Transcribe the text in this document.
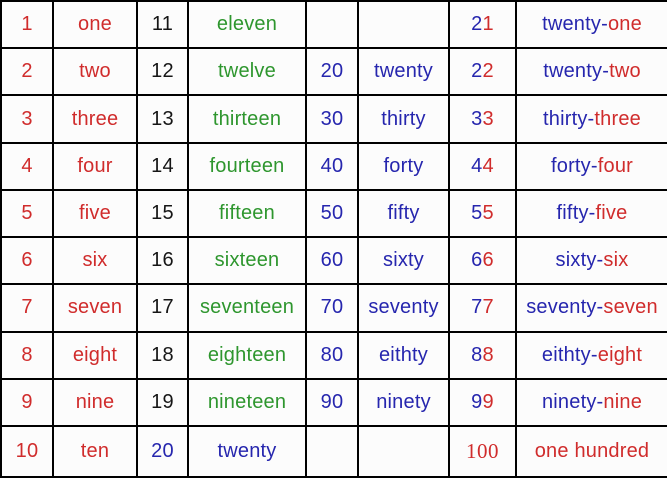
1	one	11	eleven			21	twenty-one
2	two	12	twelve	20	twenty	22	twenty-two
3	three	13	thirteen	30	thirty	33	thirty-three
4	four	14	fourteen	40	forty	44	forty-four
5	five	15	fifteen	50	fifty	55	fifty-five
6	six	16	sixteen	60	sixty	66	sixty-six
7	seven	17	seventeen	70	seventy	77	seventy-seven
8	eight	18	eighteen	80	eithty	88	eithty-eight
9	nine	19	nineteen	90	ninety	99	ninety-nine
10	ten	20	twenty			100	one hundred
